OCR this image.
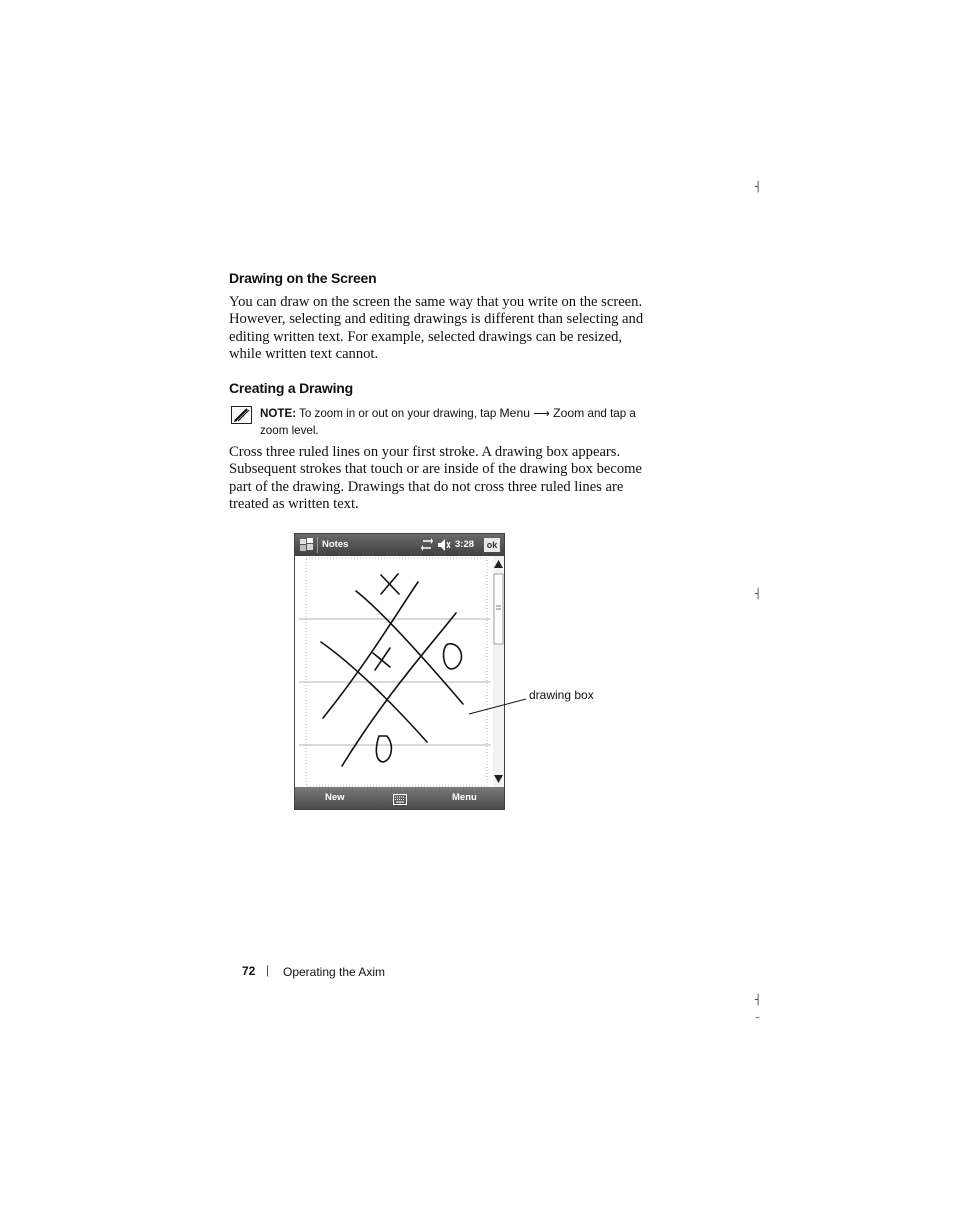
┤
┤
┤
–
Drawing on the Screen
You can draw on the screen the same way that you write on the screen.
However, selecting and editing drawings is different than selecting and
editing written text. For example, selected drawings can be resized,
while written text cannot.
Creating a Drawing
NOTE: To zoom in or out on your drawing, tap Menu ⟶ Zoom and tap a
zoom level.
Cross three ruled lines on your first stroke. A drawing box appears.
Subsequent strokes that touch or are inside of the drawing box become
part of the drawing. Drawings that do not cross three ruled lines are
treated as written text.
Notes	3:28	ok
New	Menu
drawing box
72 | Operating the Axim
